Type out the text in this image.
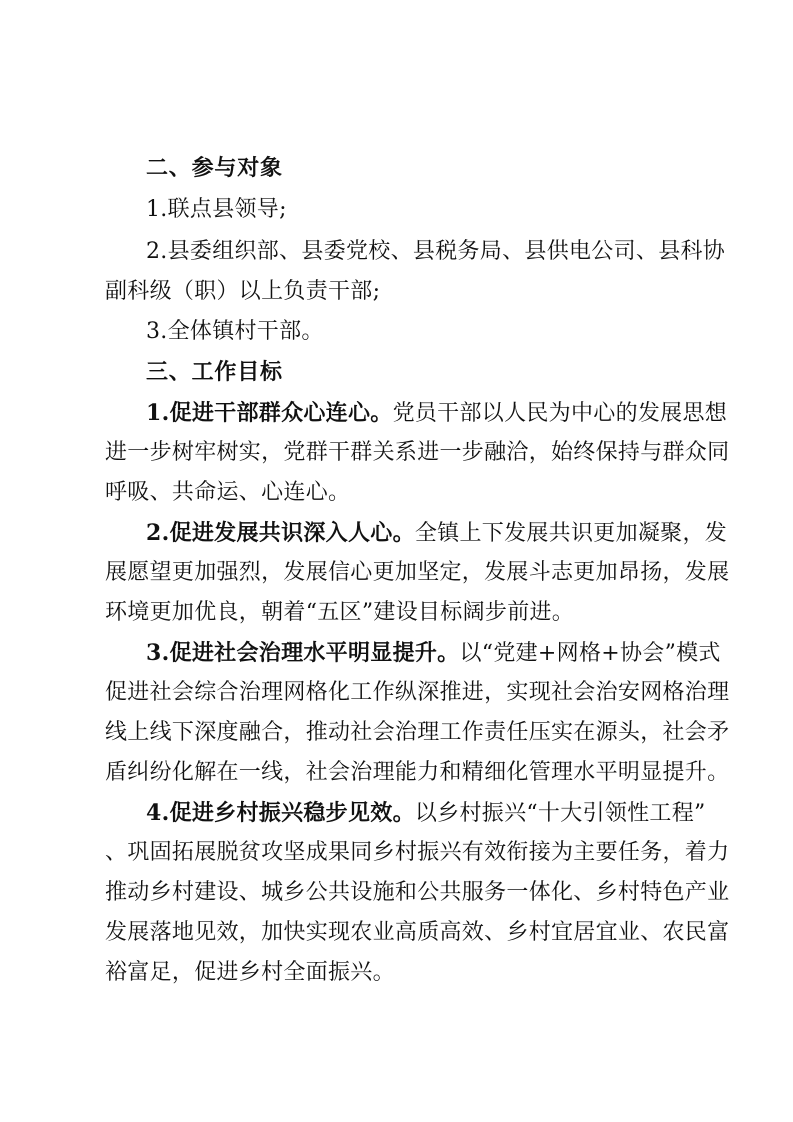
二、参与对象
1.联点县领导;
2.县委组织部、县委党校、县税务局、县供电公司、县科协
副科级（职）以上负责干部;
3.全体镇村干部。
三、工作目标
1.促进干部群众心连心。党员干部以人民为中心的发展思想
进一步树牢树实，党群干群关系进一步融洽，始终保持与群众同
呼吸、共命运、心连心。
2.促进发展共识深入人心。全镇上下发展共识更加凝聚，发
展愿望更加强烈，发展信心更加坚定，发展斗志更加昂扬，发展
环境更加优良，朝着“五区”建设目标阔步前进。
3.促进社会治理水平明显提升。以“党建+网格+协会”模式
促进社会综合治理网格化工作纵深推进，实现社会治安网格治理
线上线下深度融合，推动社会治理工作责任压实在源头，社会矛
盾纠纷化解在一线，社会治理能力和精细化管理水平明显提升。
4.促进乡村振兴稳步见效。以乡村振兴“十大引领性工程”
、巩固拓展脱贫攻坚成果同乡村振兴有效衔接为主要任务，着力
推动乡村建设、城乡公共设施和公共服务一体化、乡村特色产业
发展落地见效，加快实现农业高质高效、乡村宜居宜业、农民富
裕富足，促进乡村全面振兴。
